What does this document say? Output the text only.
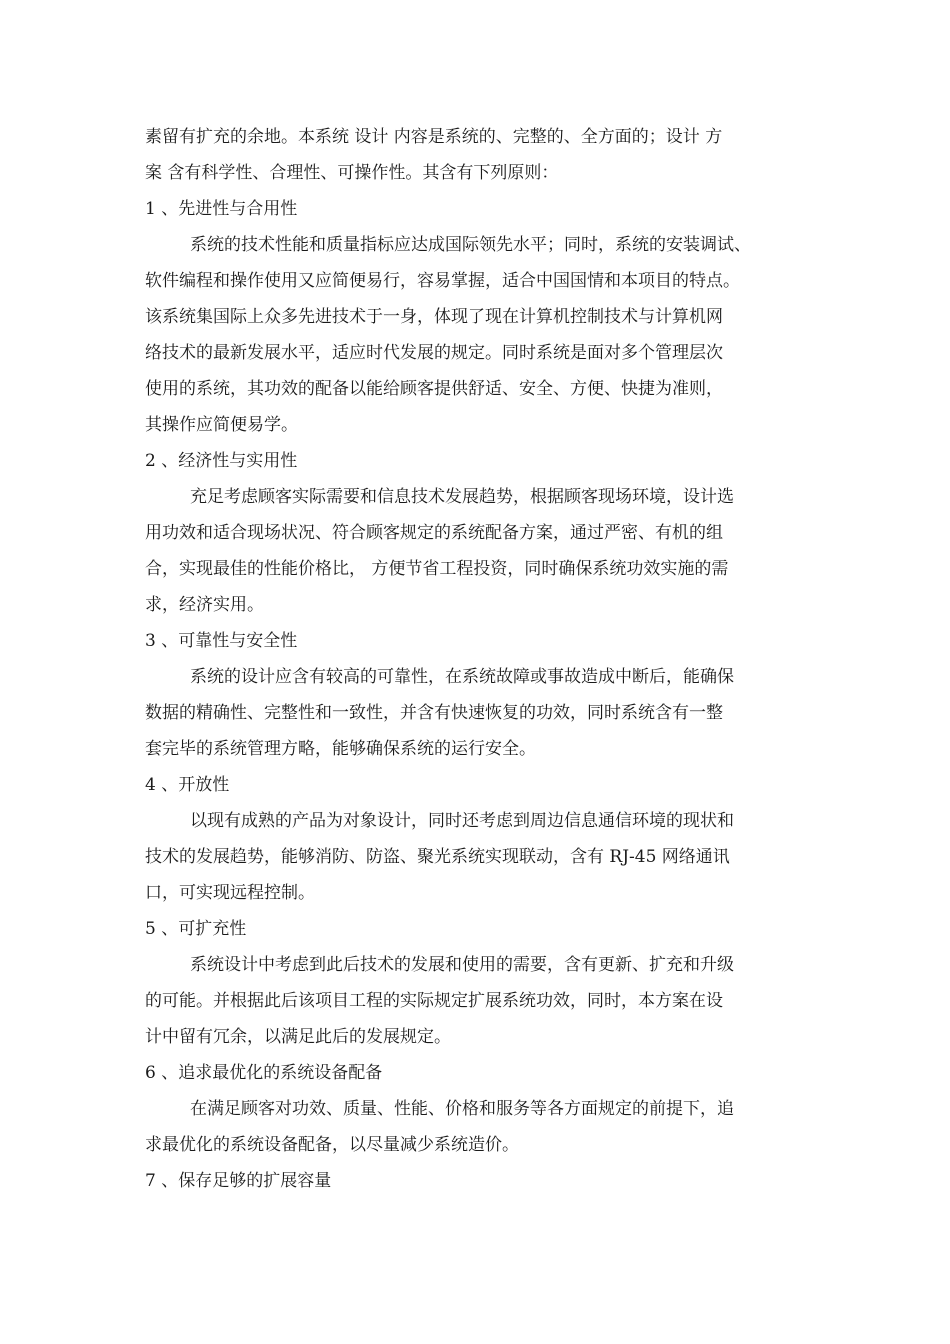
素留有扩充的余地。本系统 设计 内容是系统的、完整的、全方面的；设计 方
案 含有科学性、合理性、可操作性。其含有下列原则：
1 、先进性与合用性
系统的技术性能和质量指标应达成国际领先水平；同时，系统的安装调试、
软件编程和操作使用又应简便易行，容易掌握，适合中国国情和本项目的特点。
该系统集国际上众多先进技术于一身，体现了现在计算机控制技术与计算机网
络技术的最新发展水平，适应时代发展的规定。同时系统是面对多个管理层次
使用的系统，其功效的配备以能给顾客提供舒适、安全、方便、快捷为准则，
其操作应简便易学。
2 、经济性与实用性
充足考虑顾客实际需要和信息技术发展趋势，根据顾客现场环境，设计选
用功效和适合现场状况、符合顾客规定的系统配备方案，通过严密、有机的组
合，实现最佳的性能价格比， 方便节省工程投资，同时确保系统功效实施的需
求，经济实用。
3 、可靠性与安全性
系统的设计应含有较高的可靠性，在系统故障或事故造成中断后，能确保
数据的精确性、完整性和一致性，并含有快速恢复的功效，同时系统含有一整
套完毕的系统管理方略，能够确保系统的运行安全。
4 、开放性
以现有成熟的产品为对象设计，同时还考虑到周边信息通信环境的现状和
技术的发展趋势，能够消防、防盗、聚光系统实现联动，含有 RJ-45 网络通讯
口，可实现远程控制。
5 、可扩充性
系统设计中考虑到此后技术的发展和使用的需要，含有更新、扩充和升级
的可能。并根据此后该项目工程的实际规定扩展系统功效，同时，本方案在设
计中留有冗余，以满足此后的发展规定。
6 、追求最优化的系统设备配备
在满足顾客对功效、质量、性能、价格和服务等各方面规定的前提下，追
求最优化的系统设备配备，以尽量减少系统造价。
7 、保存足够的扩展容量
